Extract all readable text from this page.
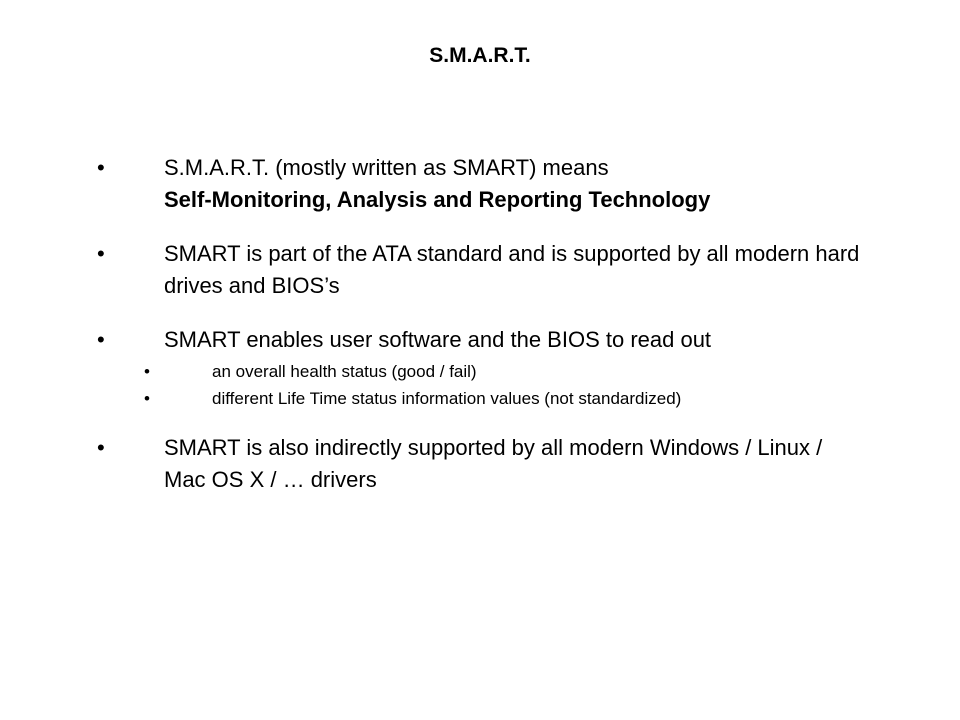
S.M.A.R.T.
•	S.M.A.R.T. (mostly written as SMART) means
Self-Monitoring, Analysis and Reporting Technology
•	SMART is part of the ATA standard and is supported by all modern hard drives and BIOS’s
•	SMART enables user software and the BIOS to read out
•	an overall health status (good / fail)
•	different Life Time status information values (not standardized)
•	SMART is also indirectly supported by all modern Windows / Linux / Mac OS X / … drivers
